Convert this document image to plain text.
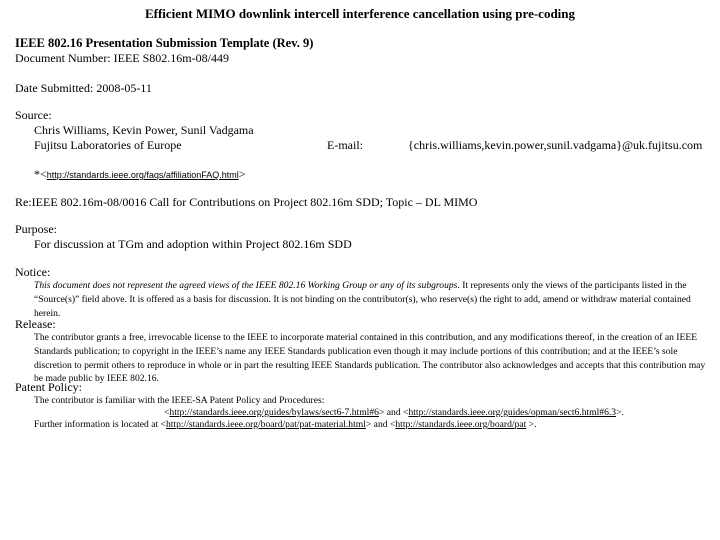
Efficient MIMO downlink intercell interference cancellation using pre-coding
IEEE 802.16 Presentation Submission Template (Rev. 9)
Document Number: IEEE S802.16m-08/449
Date Submitted: 2008-05-11
Source:
Chris Williams, Kevin Power, Sunil Vadgama
Fujitsu Laboratories of Europe	E-mail:	{chris.williams,kevin.power,sunil.vadgama}@uk.fujitsu.com
*<http://standards.ieee.org/faqs/affiliationFAQ.html>
Re:IEEE 802.16m-08/0016 Call for Contributions on Project 802.16m SDD; Topic – DL MIMO
Purpose:
For discussion at TGm and adoption within Project 802.16m SDD
Notice:
This document does not represent the agreed views of the IEEE 802.16 Working Group or any of its subgroups. It represents only the views of the participants listed in the “Source(s)” field above. It is offered as a basis for discussion. It is not binding on the contributor(s), who reserve(s) the right to add, amend or withdraw material contained herein.
Release:
The contributor grants a free, irrevocable license to the IEEE to incorporate material contained in this contribution, and any modifications thereof, in the creation of an IEEE Standards publication; to copyright in the IEEE’s name any IEEE Standards publication even though it may include portions of this contribution; and at the IEEE’s sole discretion to permit others to reproduce in whole or in part the resulting IEEE Standards publication. The contributor also acknowledges and accepts that this contribution may be made public by IEEE 802.16.
Patent Policy:
The contributor is familiar with the IEEE-SA Patent Policy and Procedures:
<http://standards.ieee.org/guides/bylaws/sect6-7.html#6> and <http://standards.ieee.org/guides/opman/sect6.html#6.3>.
Further information is located at <http://standards.ieee.org/board/pat/pat-material.html> and <http://standards.ieee.org/board/pat >.
